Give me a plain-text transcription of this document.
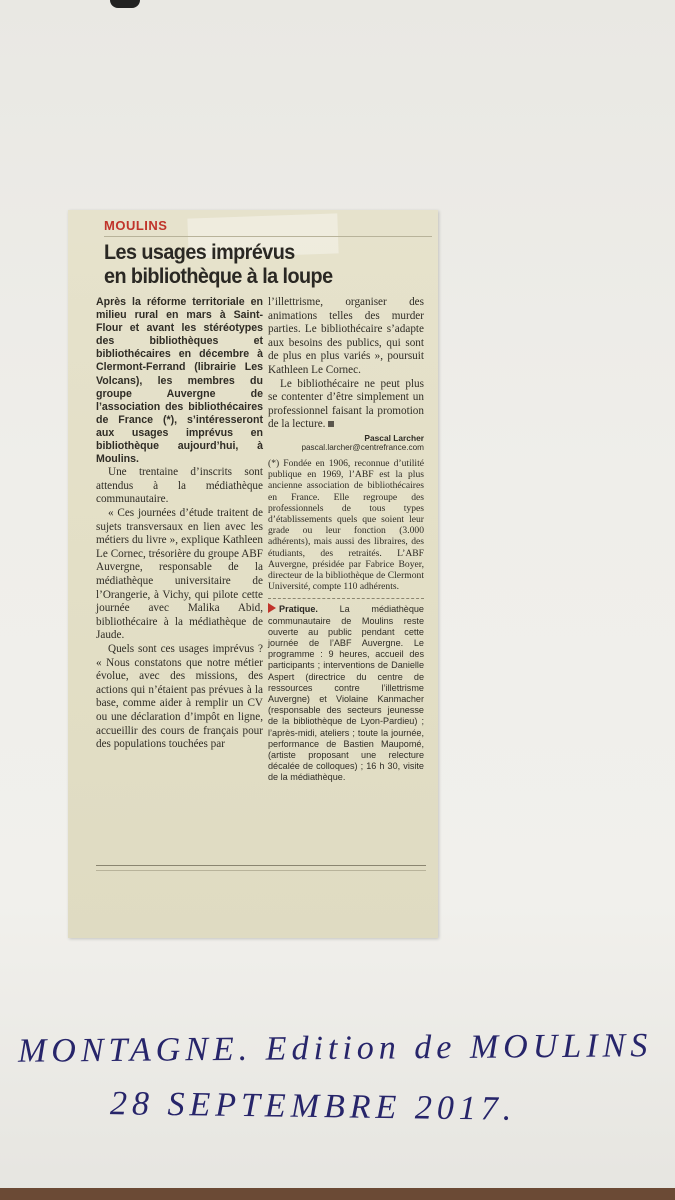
MOULINS
Les usages imprévus
en bibliothèque à la loupe

Après la réforme territoriale en milieu rural en mars à Saint-Flour et avant les stéréotypes des bibliothèques et bibliothécaires en décembre à Clermont-Ferrand (librairie Les Volcans), les membres du groupe Auvergne de l’association des bibliothécaires de France (*), s’intéresseront aux usages imprévus en bibliothèque aujourd’hui, à Moulins.

Une trentaine d’inscrits sont attendus à la médiathèque communautaire.

« Ces journées d’étude traitent de sujets transversaux en lien avec les métiers du livre », explique Kathleen Le Cornec, trésorière du groupe ABF Auvergne, responsable de la médiathèque universitaire de l’Orangerie, à Vichy, qui pilote cette journée avec Malika Abid, bibliothécaire à la médiathèque de Jaude.

Quels sont ces usages imprévus ? « Nous constatons que notre métier évolue, avec des missions, des actions qui n’étaient pas prévues à la base, comme aider à remplir un CV ou une déclaration d’impôt en ligne, accueillir des cours de français pour des populations touchées par

l’illettrisme, organiser des animations telles des murder parties. Le bibliothécaire s’adapte aux besoins des publics, qui sont de plus en plus variés », poursuit Kathleen Le Cornec.

Le bibliothécaire ne peut plus se contenter d’être simplement un professionnel faisant la promotion de la lecture.

Pascal Larcher
pascal.larcher@centrefrance.com

(*) Fondée en 1906, reconnue d’utilité publique en 1969, l’ABF est la plus ancienne association de bibliothécaires en France. Elle regroupe des professionnels de tous types d’établissements quels que soient leur grade ou leur fonction (3.000 adhérents), mais aussi des libraires, des étudiants, des retraités. L’ABF Auvergne, présidée par Fabrice Boyer, directeur de la bibliothèque de Clermont Université, compte 110 adhérents.

Pratique. La médiathèque communautaire de Moulins reste ouverte au public pendant cette journée de l’ABF Auvergne. Le programme : 9 heures, accueil des participants ; interventions de Danielle Aspert (directrice du centre de ressources contre l’illettrisme Auvergne) et Violaine Kanmacher (responsable des secteurs jeunesse de la bibliothèque de Lyon-Pardieu) ; l’après-midi, ateliers ; toute la journée, performance de Bastien Maupomé, (artiste proposant une relecture décalée de colloques) ; 16 h 30, visite de la médiathèque.
MONTAGNE. Edition de MOULINS
28 SEPTEMBRE 2017.
